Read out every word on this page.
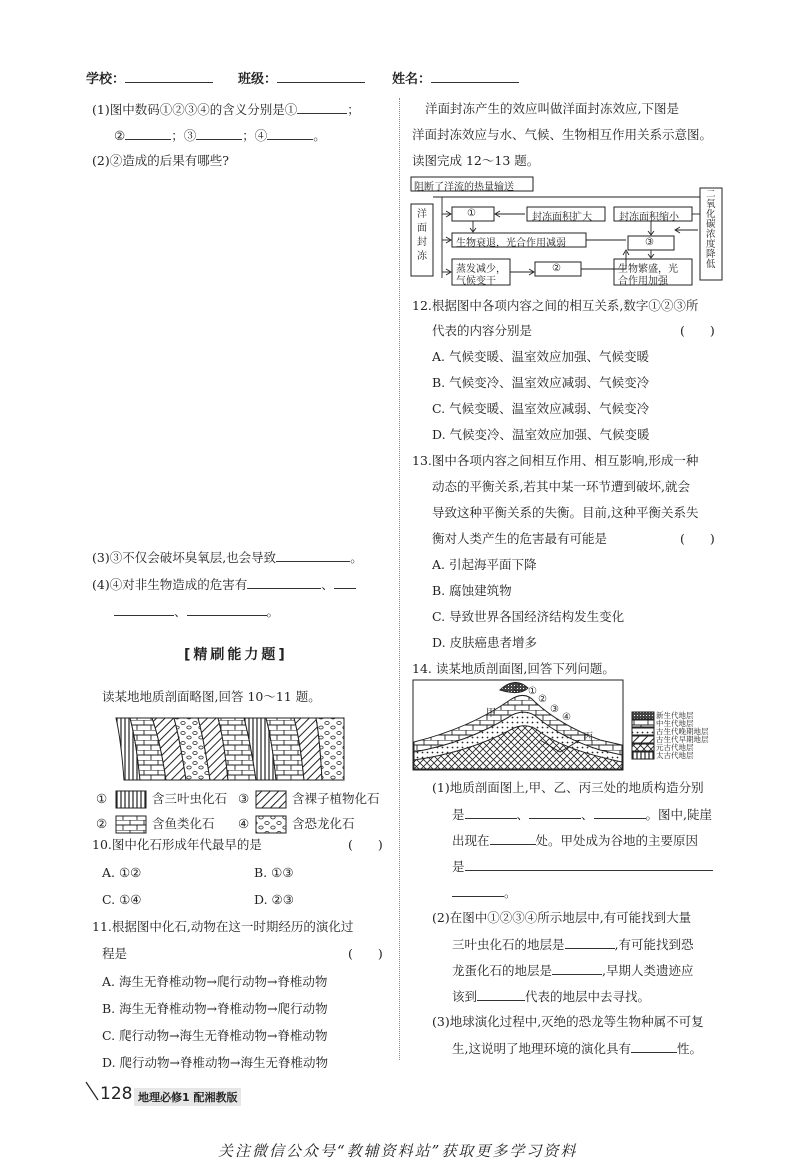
学校：	班级：	姓名：
(1)图中数码①②③④的含义分别是①	；
②	；③	；④	。
(2)②造成的后果有哪些?
(3)③不仅会破坏臭氧层,也会导致	。
(4)④对非生物造成的危害有	、
、	。
[精刷能力题]
读某地地质剖面略图,回答 10～11 题。
①	含三叶虫化石 ③	含裸子植物化石
②	含鱼类化石 ④	含恐龙化石
10.图中化石形成年代最早的是	(　　)
A. ①②	B. ①③
C. ①④	D. ②③
11.根据图中化石,动物在这一时期经历的演化过
程是	(　　)
A. 海生无脊椎动物→爬行动物→脊椎动物
B. 海生无脊椎动物→脊椎动物→爬行动物
C. 爬行动物→海生无脊椎动物→脊椎动物
D. 爬行动物→脊椎动物→海生无脊椎动物
洋面封冻产生的效应叫做洋面封冻效应,下图是
洋面封冻效应与水、气候、生物相互作用关系示意图。
读图完成 12～13 题。
阻断了洋流的热量输送
洋面封冻
二氧化碳浓度降低
①	封冻面积扩大	封冻面积缩小
生物衰退，光合作用减弱	③
蒸发减少，
气候变干
②	生物繁盛，光
合作用加强
12.根据图中各项内容之间的相互关系,数字①②③所
代表的内容分别是	(　　)
A. 气候变暖、温室效应加强、气候变暖
B. 气候变冷、温室效应减弱、气候变冷
C. 气候变暖、温室效应减弱、气候变冷
D. 气候变冷、温室效应加强、气候变暖
13.图中各项内容之间相互作用、相互影响,形成一种
动态的平衡关系,若其中某一环节遭到破坏,就会
导致这种平衡关系的失衡。目前,这种平衡关系失
衡对人类产生的危害最有可能是	(　　)
A. 引起海平面下降
B. 腐蚀建筑物
C. 导致世界各国经济结构发生变化
D. 皮肤癌患者增多
14. 读某地质剖面图,回答下列问题。
甲
乙
丙
①
②
③
④	新生代地层
中生代地层
古生代晚期地层
古生代早期地层
元古代地层
太古代地层
(1)地质剖面图上,甲、乙、丙三处的地质构造分别
是	、	、	。图中,陡崖
出现在	处。甲处成为谷地的主要原因
是
。
(2)在图中①②③④所示地层中,有可能找到大量
三叶虫化石的地层是	,有可能找到恐
龙蛋化石的地层是	,早期人类遗迹应
该到	代表的地层中去寻找。
(3)地球演化过程中,灭绝的恐龙等生物种属不可复
生,这说明了地理环境的演化具有	性。
128 地理必修1 配湘教版
关注微信公众号“教辅资料站”获取更多学习资料
